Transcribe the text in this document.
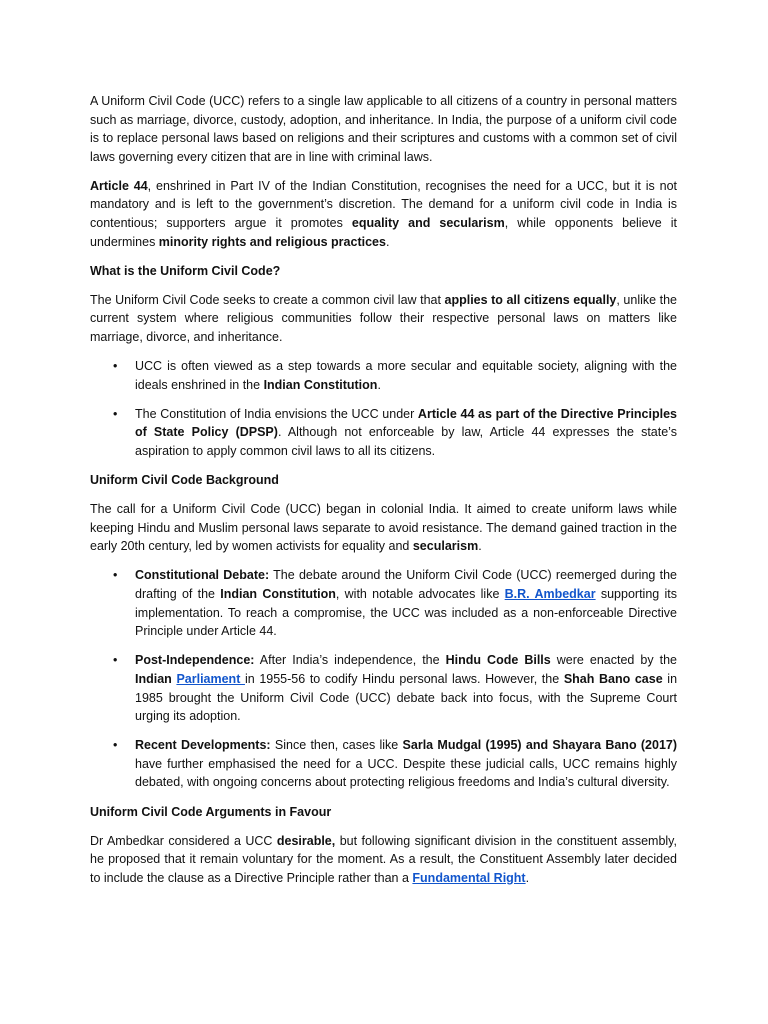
A Uniform Civil Code (UCC) refers to a single law applicable to all citizens of a country in personal matters such as marriage, divorce, custody, adoption, and inheritance. In India, the purpose of a uniform civil code is to replace personal laws based on religions and their scriptures and customs with a common set of civil laws governing every citizen that are in line with criminal laws.

Article 44, enshrined in Part IV of the Indian Constitution, recognises the need for a UCC, but it is not mandatory and is left to the government’s discretion. The demand for a uniform civil code in India is contentious; supporters argue it promotes equality and secularism, while opponents believe it undermines minority rights and religious practices.

What is the Uniform Civil Code?

The Uniform Civil Code seeks to create a common civil law that applies to all citizens equally, unlike the current system where religious communities follow their respective personal laws on matters like marriage, divorce, and inheritance.

• UCC is often viewed as a step towards a more secular and equitable society, aligning with the ideals enshrined in the Indian Constitution.
• The Constitution of India envisions the UCC under Article 44 as part of the Directive Principles of State Policy (DPSP). Although not enforceable by law, Article 44 expresses the state’s aspiration to apply common civil laws to all its citizens.

Uniform Civil Code Background

The call for a Uniform Civil Code (UCC) began in colonial India. It aimed to create uniform laws while keeping Hindu and Muslim personal laws separate to avoid resistance. The demand gained traction in the early 20th century, led by women activists for equality and secularism.

• Constitutional Debate: The debate around the Uniform Civil Code (UCC) reemerged during the drafting of the Indian Constitution, with notable advocates like B.R. Ambedkar supporting its implementation. To reach a compromise, the UCC was included as a non-enforceable Directive Principle under Article 44.
• Post-Independence: After India’s independence, the Hindu Code Bills were enacted by the Indian Parliament in 1955-56 to codify Hindu personal laws. However, the Shah Bano case in 1985 brought the Uniform Civil Code (UCC) debate back into focus, with the Supreme Court urging its adoption.
• Recent Developments: Since then, cases like Sarla Mudgal (1995) and Shayara Bano (2017) have further emphasised the need for a UCC. Despite these judicial calls, UCC remains highly debated, with ongoing concerns about protecting religious freedoms and India’s cultural diversity.

Uniform Civil Code Arguments in Favour

Dr Ambedkar considered a UCC desirable, but following significant division in the constituent assembly, he proposed that it remain voluntary for the moment. As a result, the Constituent Assembly later decided to include the clause as a Directive Principle rather than a Fundamental Right.
